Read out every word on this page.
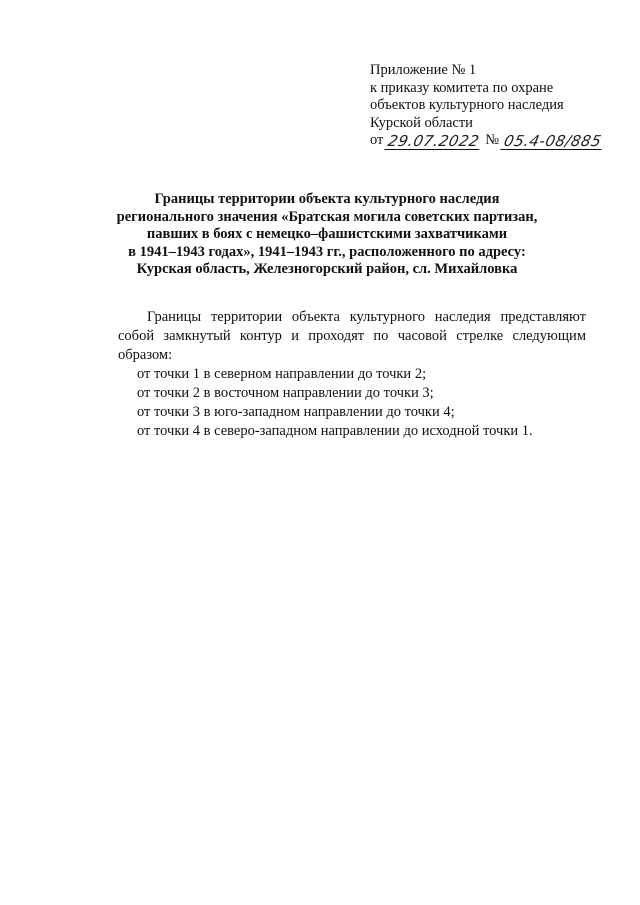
Приложение № 1
к приказу комитета по охране
объектов культурного наследия
Курской области
от 29.07.2022 № 05.4-08/885
Границы территории объекта культурного наследия
регионального значения «Братская могила советских партизан,
павших в боях с немецко–фашистскими захватчиками
в 1941–1943 годах», 1941–1943 гг., расположенного по адресу:
Курская область, Железногорский район, сл. Михайловка

Границы территории объекта культурного наследия представляют собой замкнутый контур и проходят по часовой стрелке следующим образом:

от точки 1 в северном направлении до точки 2;
от точки 2 в восточном направлении до точки 3;
от точки 3 в юго-западном направлении до точки 4;
от точки 4 в северо-западном направлении до исходной точки 1.
